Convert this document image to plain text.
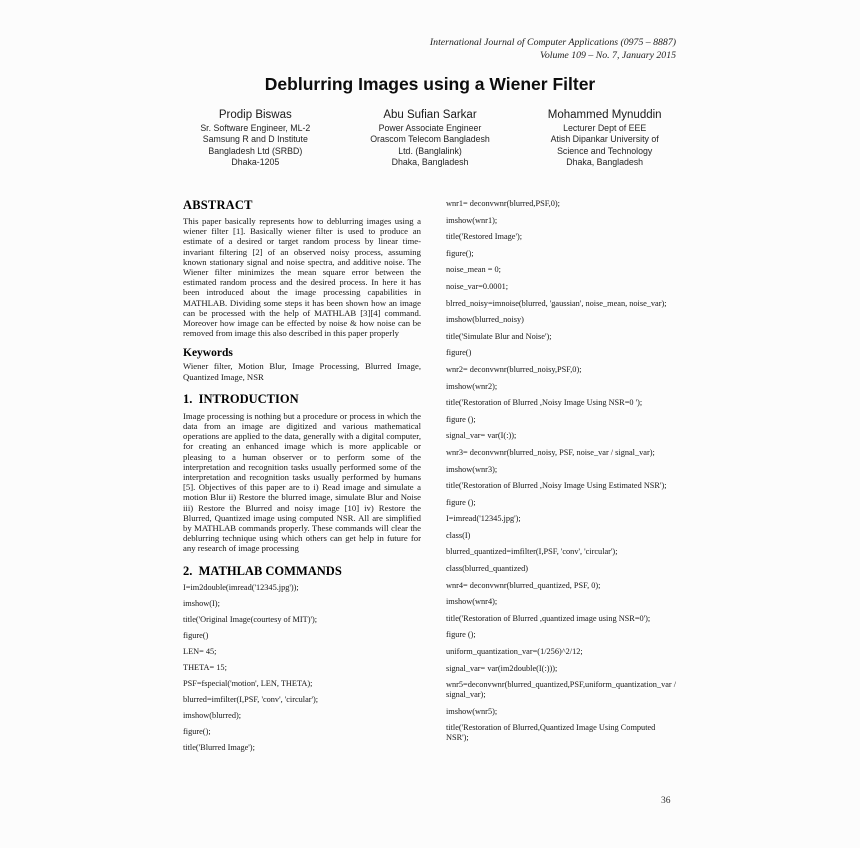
International Journal of Computer Applications (0975 – 8887)
Volume 109 – No. 7, January 2015
Deblurring Images using a Wiener Filter
Prodip Biswas
Sr. Software Engineer, ML-2
Samsung R and D Institute
Bangladesh Ltd (SRBD)
Dhaka-1205
Abu Sufian Sarkar
Power Associate Engineer
Orascom Telecom Bangladesh
Ltd. (Banglalink)
Dhaka, Bangladesh
Mohammed Mynuddin
Lecturer Dept of EEE
Atish Dipankar University of
Science and Technology
Dhaka, Bangladesh
ABSTRACT

This paper basically represents how to deblurring images using a wiener filter [1]. Basically wiener filter is used to produce an estimate of a desired or target random process by linear time-invariant filtering [2] of an observed noisy process, assuming known stationary signal and noise spectra, and additive noise. The Wiener filter minimizes the mean square error between the estimated random process and the desired process. In here it has been introduced about the image processing capabilities in MATHLAB. Dividing some steps it has been shown how an image can be processed with the help of MATHLAB [3][4] command. Moreover how image can be effected by noise & how noise can be removed from image this also described in this paper properly

Keywords

Wiener filter, Motion Blur, Image Processing, Blurred Image, Quantized Image, NSR

1.  INTRODUCTION

Image processing is nothing but a procedure or process in which the data from an image are digitized and various mathematical operations are applied to the data, generally with a digital computer, for creating an enhanced image which is more applicable or pleasing to a human observer or to perform some of the interpretation and recognition tasks usually performed some of the interpretation and recognition tasks usually performed by humans [5]. Objectives of this paper are to i) Read image and simulate a motion Blur ii) Restore the blurred image, simulate Blur and Noise iii) Restore the Blurred and noisy image [10] iv) Restore the Blurred, Quantized image using computed NSR. All are simplified by MATHLAB commands properly. These commands will clear the deblurring technique using which others can get help in future for any research of image processing

2.  MATHLAB COMMANDS

I=im2double(imread('12345.jpg'));

imshow(I);

title('Original Image(courtesy of MIT)');

figure()

LEN= 45;

THETA= 15;

PSF=fspecial('motion', LEN, THETA);

blurred=imfilter(I,PSF, 'conv', 'circular');

imshow(blurred);

figure();

title('Blurred Image');

wnr1= deconvwnr(blurred,PSF,0);

imshow(wnr1);

title('Restored Image');

figure();

noise_mean = 0;

noise_var=0.0001;

blrred_noisy=imnoise(blurred, 'gaussian', noise_mean, noise_var);

imshow(blurred_noisy)

title('Simulate Blur and Noise');

figure()

wnr2= deconvwnr(blurred_noisy,PSF,0);

imshow(wnr2);

title('Restoration of Blurred ,Noisy Image Using NSR=0 ');

figure ();

signal_var= var(I(:));

wnr3= deconvwnr(blurred_noisy, PSF, noise_var / signal_var);

imshow(wnr3);

title('Restoration of Blurred ,Noisy Image Using Estimated NSR');

figure ();

I=imread('12345.jpg');

class(I)

blurred_quantized=imfilter(I,PSF, 'conv', 'circular');

class(blurred_quantized)

wnr4= deconvwnr(blurred_quantized, PSF, 0);

imshow(wnr4);

title('Restoration of Blurred ,quantized image using NSR=0');

figure ();

uniform_quantization_var=(1/256)^2/12;

signal_var= var(im2double(I(:)));

wnr5=deconvwnr(blurred_quantized,PSF,uniform_quantization_var / signal_var);

imshow(wnr5);

title('Restoration of Blurred,Quantized Image Using Computed NSR');

36
